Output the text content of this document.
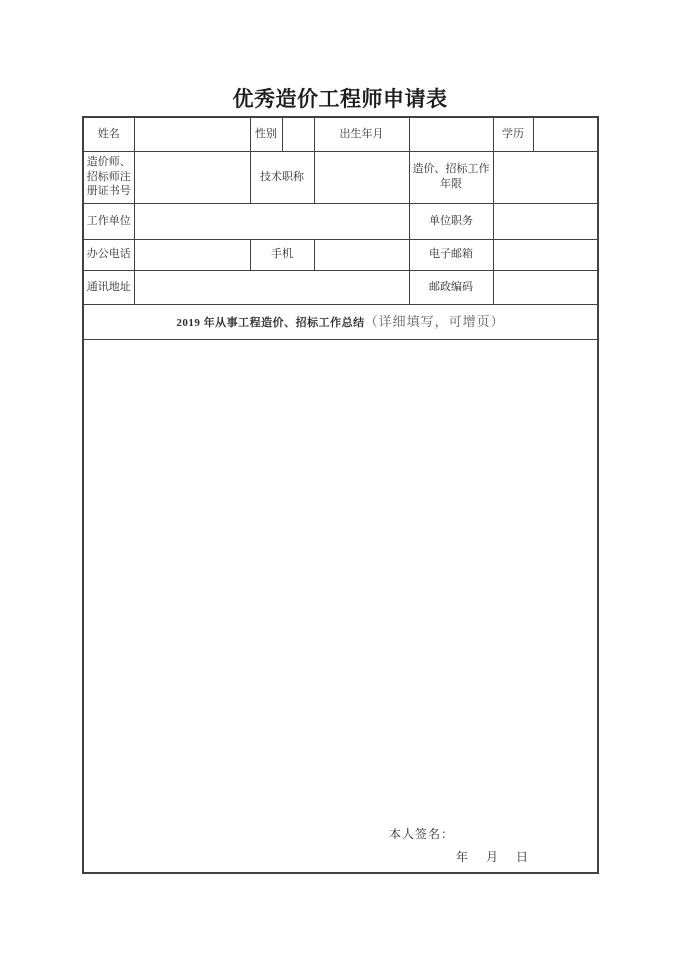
优秀造价工程师申请表
姓名		性别		出生年月		学历	
造价师、招标师注册证书号		技术职称			造价、招标工作年限		
工作单位					单位职务		
办公电话		手机			电子邮箱		
通讯地址					邮政编码		
2019 年从事工程造价、招标工作总结（详细填写，可增页）							

本人签名：
年　月　日							
